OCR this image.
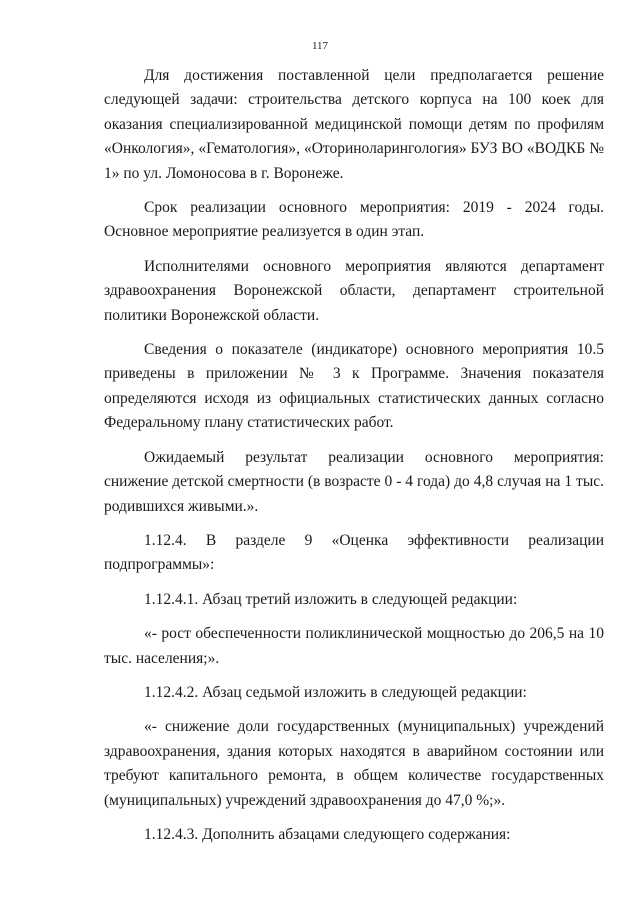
117

Для достижения поставленной цели предполагается решение следующей задачи: строительства детского корпуса на 100 коек для оказания специализированной медицинской помощи детям по профилям «Онкология», «Гематология», «Оториноларингология» БУЗ ВО «ВОДКБ № 1» по ул. Ломоносова в г. Воронеже.

Срок реализации основного мероприятия: 2019 - 2024 годы. Основное мероприятие реализуется в один этап.

Исполнителями основного мероприятия являются департамент здравоохранения Воронежской области, департамент строительной политики Воронежской области.

Сведения о показателе (индикаторе) основного мероприятия 10.5 приведены в приложении № 3 к Программе. Значения показателя определяются исходя из официальных статистических данных согласно Федеральному плану статистических работ.

Ожидаемый результат реализации основного мероприятия: снижение детской смертности (в возрасте 0 - 4 года) до 4,8 случая на 1 тыс. родившихся живыми.».

1.12.4. В разделе 9 «Оценка эффективности реализации подпрограммы»:

1.12.4.1. Абзац третий изложить в следующей редакции:

«- рост обеспеченности поликлинической мощностью до 206,5 на 10 тыс. населения;».

1.12.4.2. Абзац седьмой изложить в следующей редакции:

«- снижение доли государственных (муниципальных) учреждений здравоохранения, здания которых находятся в аварийном состоянии или требуют капитального ремонта, в общем количестве государственных (муниципальных) учреждений здравоохранения до 47,0 %;».

1.12.4.3. Дополнить абзацами следующего содержания:
